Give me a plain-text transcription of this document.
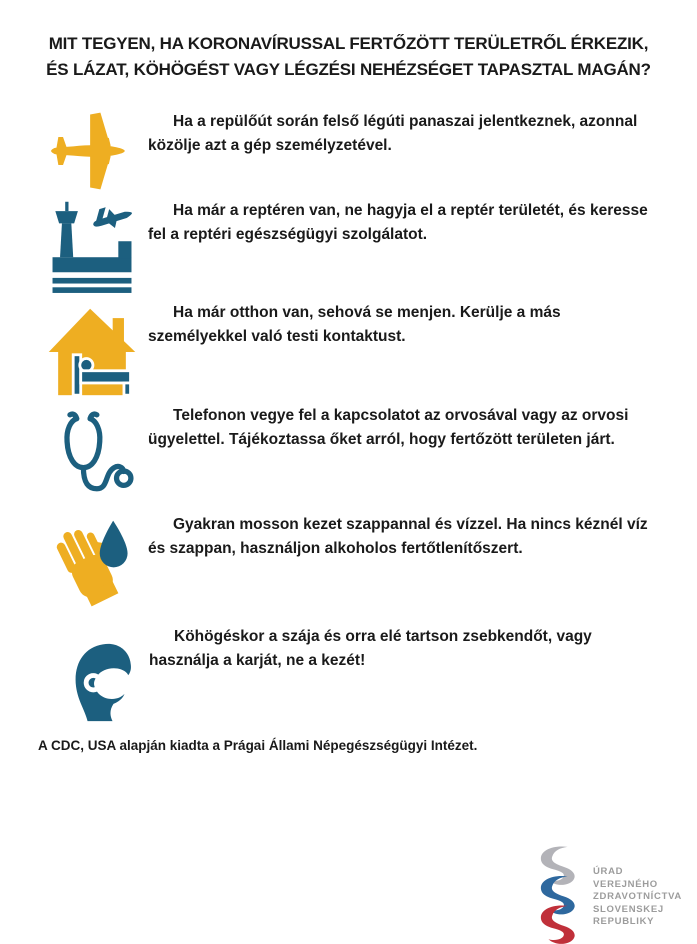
MIT TEGYEN, HA KORONAVÍRUSSAL FERTŐZÖTT TERÜLETRŐL ÉRKEZIK,
ÉS LÁZAT, KÖHÖGÉST VAGY LÉGZÉSI NEHÉZSÉGET TAPASZTAL MAGÁN?
Ha a repülőút során felső légúti panaszai jelentkeznek, azonnal közölje azt a gép személyzetével.
Ha már a reptéren van, ne hagyja el a reptér területét, és keresse fel a reptéri egészségügyi szolgálatot.
Ha már otthon van, sehová se menjen. Kerülje a más személyekkel való testi kontaktust.
Telefonon vegye fel a kapcsolatot az orvosával vagy az orvosi ügyelettel. Tájékoztassa őket arról, hogy fertőzött területen járt.
Gyakran mosson kezet szappannal és vízzel. Ha nincs kéznél víz és szappan, használjon alkoholos fertőtlenítőszert.
Köhögéskor a szája és orra elé tartson zsebkendőt, vagy használja a karját, ne a kezét!
A CDC, USA alapján kiadta a Prágai Állami Népegészségügyi Intézet.
ÚRAD
VEREJNÉHO
ZDRAVOTNÍCTVA
SLOVENSKEJ
REPUBLIKY
